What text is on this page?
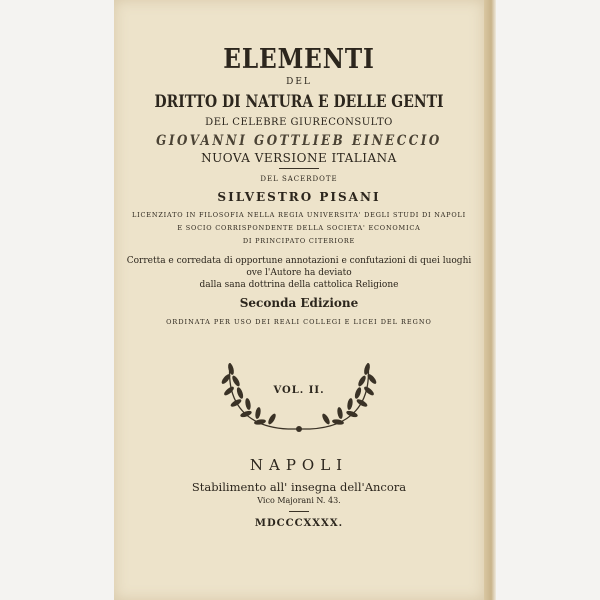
ELEMENTI
DEL
DRITTO DI NATURA E DELLE GENTI
DEL CELEBRE GIURECONSULTO
GIOVANNI GOTTLIEB EINECCIO
NUOVA VERSIONE ITALIANA
DEL SACERDOTE
SILVESTRO PISANI
LICENZIATO IN FILOSOFIA NELLA REGIA UNIVERSITA' DEGLI STUDI DI NAPOLI
E SOCIO CORRISPONDENTE DELLA SOCIETA' ECONOMICA
DI PRINCIPATO CITERIORE
Corretta e corredata di opportune annotazioni e confutazioni di quei luoghi
ove l'Autore ha deviato
dalla sana dottrina della cattolica Religione
Seconda Edizione
ORDINATA PER USO DEI REALI COLLEGI E LICEI DEL REGNO
VOL. II.
NAPOLI
Stabilimento all' insegna dell'Ancora
Vico Majorani N. 43.
MDCCCXXXX.
